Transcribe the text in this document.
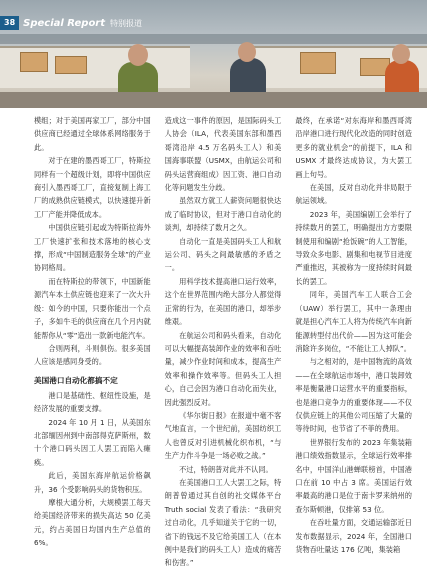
38 Special Report 特别报道

模组；对于美国再家工厂，部分中国供应商已经通过全球体系网络服务于此。

对于在建的墨西哥工厂，特斯拉同样有一个超级计划，即将中国供应商引入墨西哥工厂，直接复制上海工厂的成熟供应链模式，以快速提升新工厂产能并降低成本。

中国供应链引起或为特斯拉海外工厂快速扩张和技术落地的核心支撑，形成“中国制造服务全球”的产业协同格局。

而在特斯拉的带领下，中国新能源汽车本土供应链也迎来了一次大升级：如今的中国，只要你能出一个点子，多如牛毛的供应商在几个月内就能帮你从“零”造出一款新电能汽车。

合则两利，斗则俱伤。很多美国人应该是感同身受的。

美国港口自动化都搞不定

港口是基础性、枢纽性设施，是经济发展的重要支撑。

2024 年 10 月 1 日，从美国东北部缅因州到中南部得克萨斯州，数十个港口码头因工人罢工而陷入瘫痪。

此后，美国东海岸航运价格飙升，36 个受影响码头的货物积压。

摩根大通分析，大规模罢工每天给美国经济带来的损失高达 50 亿美元，约占美国日均国内生产总值的 6%。

造成这一事件的原因，是国际码头工人协会（ILA，代表美国东部和墨西哥湾沿岸 4.5 万名码头工人）和美国海事联盟（USMX，由航运公司和码头运营商组成）因工资、港口自动化等问题发生分歧。

虽然双方就工人薪资问题很快达成了临时协议，但对于港口自动化的谈判，却持续了数月之久。

自动化一直是美国码头工人和航运公司、码头之间最敏感的矛盾之一。

用科学技术提高港口运行效率，这个在世界范围内绝大部分人都觉得正常的行为，在美国的港口，却举步维艰。

在航运公司和码头看来，自动化可以大幅提高装卸作业的效率和吞吐量，减少作业时间和成本，提高生产效率和操作效率等。但码头工人担心，自己会因为港口自动化而失业，因此强烈反对。

《华尔街日报》在报道中毫不客气地直言，一个世纪前，美国纺织工人也曾反对引进机械化织布机，“与生产力作斗争是一场必败之战。”

不过，特朗普对此并不认同。

在美国港口工人大罢工之际，特朗普曾通过其自创的社交媒体平台 Truth social 发表了看法：“我研究过自动化，几乎知道关于它的一切，省下的钱远不及它给美国工人（在本例中是我们的码头工人）造成的痛苦和伤害。”

最终，在承诺“对东海岸和墨西哥湾沿岸港口进行现代化改造的同时创造更多的就业机会”的前提下，ILA 和 USMX 才最终达成协议，为大罢工画上句号。

在美国，反对自动化并非局限于航运领域。

2023 年，美国编剧工会举行了持续数月的罢工，明确提出方方要限制使用和编剧“抢饭碗”的人工智能，导致众多电影、剧集和电视节目进度严重推迟，其被称为一度持续时间最长的罢工。

同年，美国汽车工人联合工会（UAW）举行罢工，其中一条理由就是担心汽车工人将为传统汽车向新能源转型付出代价——因为这可能会消除许多岗位，“不能让工人掉队”。

与之相对的，是中国物流的高效——在全球航运市场中，港口装卸效率是衡量港口运营水平的重要指标，也是港口竞争力的重要体现——不仅仅供应链上的其他公司压缩了大量的等待时间，也节省了不菲的费用。

世界银行发布的 2023 年集装箱港口绩效指数显示，全球运行效率排名中，中国洋山港蝉联榜首，中国港口在前 10 中占 3 席。美国运行效率最高的港口是位于南卡罗来纳州的查尔斯顿港，仅排第 53 位。

在吞吐量方面，交通运输部近日发布数据显示，2024 年，全国港口货物吞吐量达 176 亿吨，集装箱
